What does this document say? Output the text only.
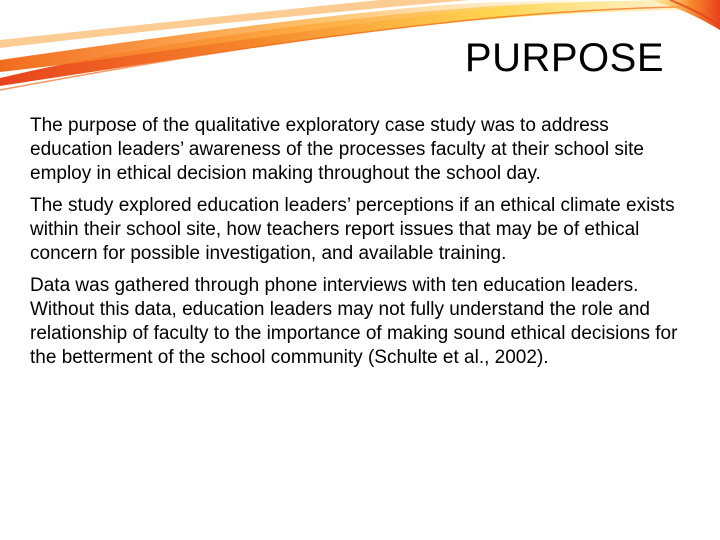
PURPOSE

The purpose of the qualitative exploratory case study was to address education leaders’ awareness of the processes faculty at their school site employ in ethical decision making throughout the school day.

The study explored education leaders’ perceptions if an ethical climate exists within their school site, how teachers report issues that may be of ethical concern for possible investigation, and available training.

Data was gathered through phone interviews with ten education leaders. Without this data, education leaders may not fully understand the role and relationship of faculty to the importance of making sound ethical decisions for the betterment of the school community (Schulte et al., 2002).
